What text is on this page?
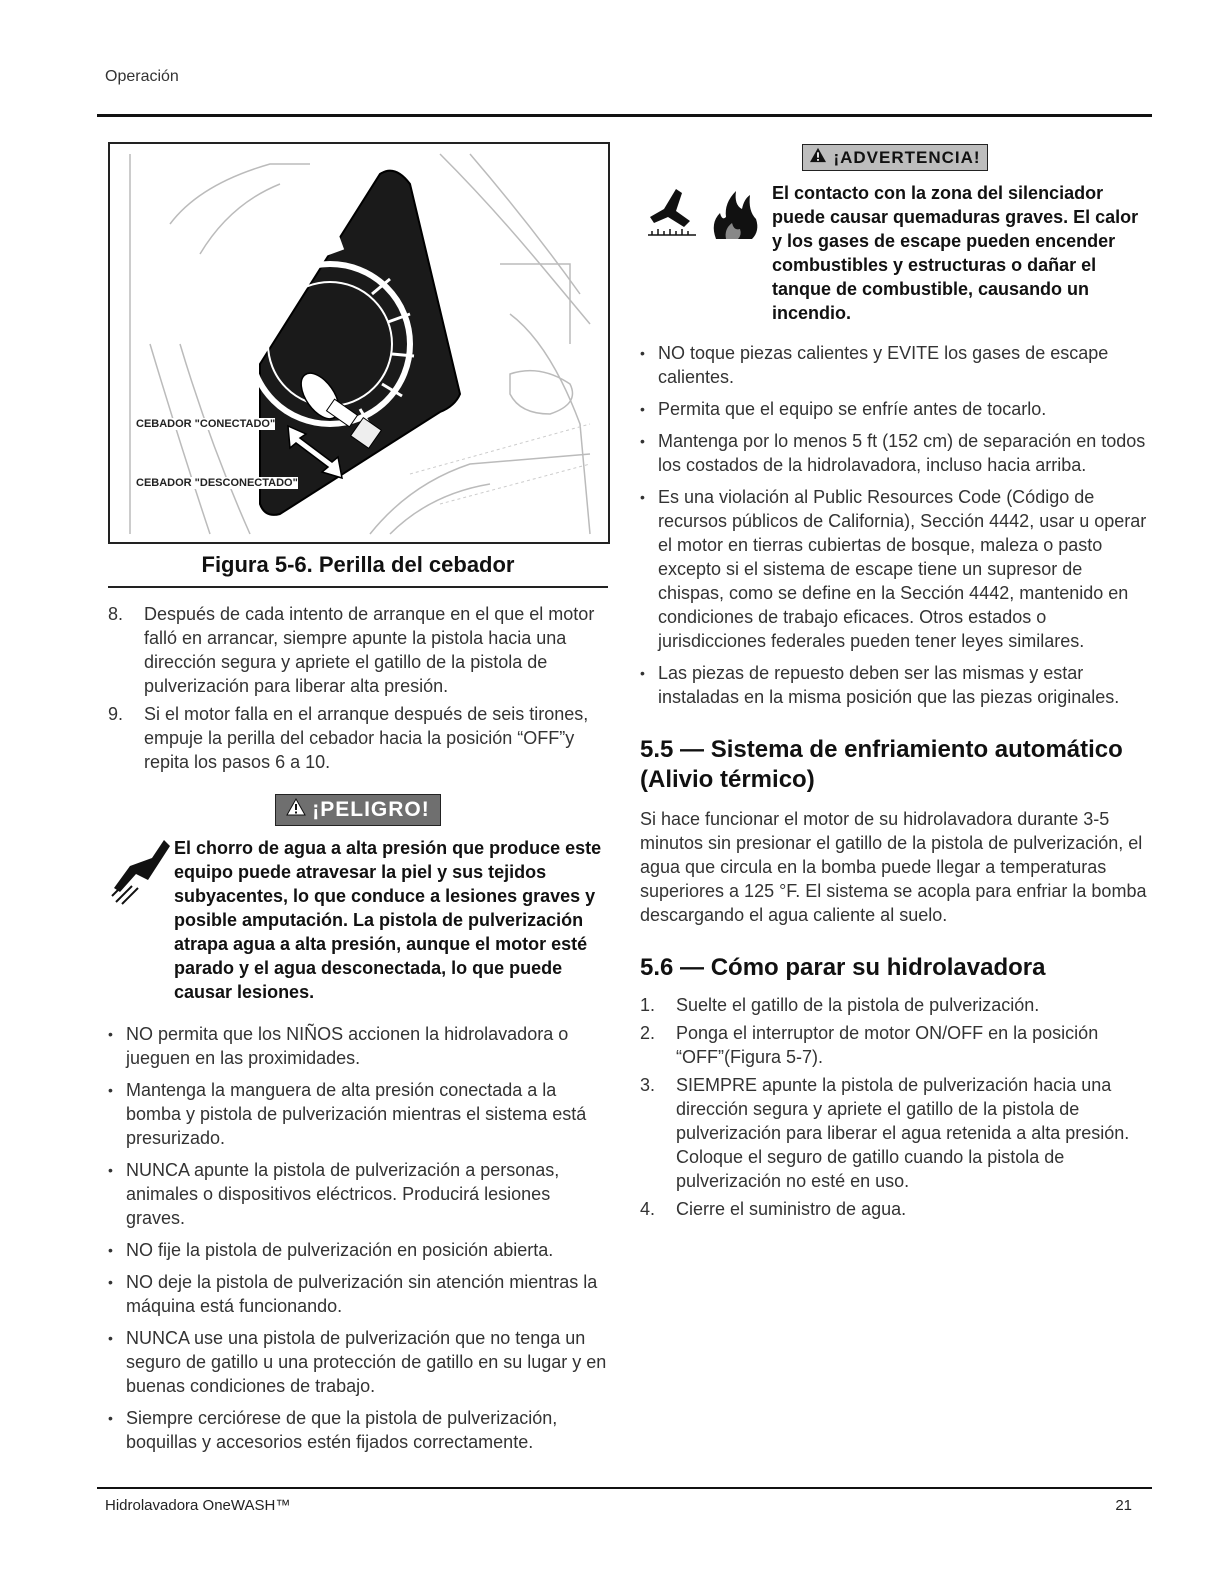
Operación
CEBADOR "CONECTADO"
CEBADOR "DESCONECTADO"
Figura 5-6. Perilla del cebador
8. Después de cada intento de arranque en el que el motor falló en arrancar, siempre apunte la pistola hacia una dirección segura y apriete el gatillo de la pistola de pulverización para liberar alta presión.
9. Si el motor falla en el arranque después de seis tirones, empuje la perilla del cebador hacia la posición “OFF”y repita los pasos 6 a 10.
¡PELIGRO!
El chorro de agua a alta presión que produce este equipo puede atravesar la piel y sus tejidos subyacentes, lo que conduce a lesiones graves y posible amputación. La pistola de pulverización atrapa agua a alta presión, aunque el motor esté parado y el agua desconectada, lo que puede causar lesiones.
• NO permita que los NIÑOS accionen la hidrolavadora o jueguen en las proximidades.
• Mantenga la manguera de alta presión conectada a la bomba y pistola de pulverización mientras el sistema está presurizado.
• NUNCA apunte la pistola de pulverización a personas, animales o dispositivos eléctricos. Producirá lesiones graves.
• NO fije la pistola de pulverización en posición abierta.
• NO deje la pistola de pulverización sin atención mientras la máquina está funcionando.
• NUNCA use una pistola de pulverización que no tenga un seguro de gatillo u una protección de gatillo en su lugar y en buenas condiciones de trabajo.
• Siempre cerciórese de que la pistola de pulverización, boquillas y accesorios estén fijados correctamente.
¡ADVERTENCIA!
El contacto con la zona del silenciador puede causar quemaduras graves. El calor y los gases de escape pueden encender combustibles y estructuras o dañar el tanque de combustible, causando un incendio.
• NO toque piezas calientes y EVITE los gases de escape calientes.
• Permita que el equipo se enfríe antes de tocarlo.
• Mantenga por lo menos 5 ft (152 cm) de separación en todos los costados de la hidrolavadora, incluso hacia arriba.
• Es una violación al Public Resources Code (Código de recursos públicos de California), Sección 4442, usar u operar el motor en tierras cubiertas de bosque, maleza o pasto excepto si el sistema de escape tiene un supresor de chispas, como se define en la Sección 4442, mantenido en condiciones de trabajo eficaces. Otros estados o jurisdicciones federales pueden tener leyes similares.
• Las piezas de repuesto deben ser las mismas y estar instaladas en la misma posición que las piezas originales.
5.5 — Sistema de enfriamiento automático (Alivio térmico)

Si hace funcionar el motor de su hidrolavadora durante 3-5 minutos sin presionar el gatillo de la pistola de pulverización, el agua que circula en la bomba puede llegar a temperaturas superiores a 125 °F. El sistema se acopla para enfriar la bomba descargando el agua caliente al suelo.

5.6 — Cómo parar su hidrolavadora
1. Suelte el gatillo de la pistola de pulverización.
2. Ponga el interruptor de motor ON/OFF en la posición “OFF”(Figura 5-7).
3. SIEMPRE apunte la pistola de pulverización hacia una dirección segura y apriete el gatillo de la pistola de pulverización para liberar el agua retenida a alta presión. Coloque el seguro de gatillo cuando la pistola de pulverización no esté en uso.
4. Cierre el suministro de agua.
Hidrolavadora OneWASH™	21
